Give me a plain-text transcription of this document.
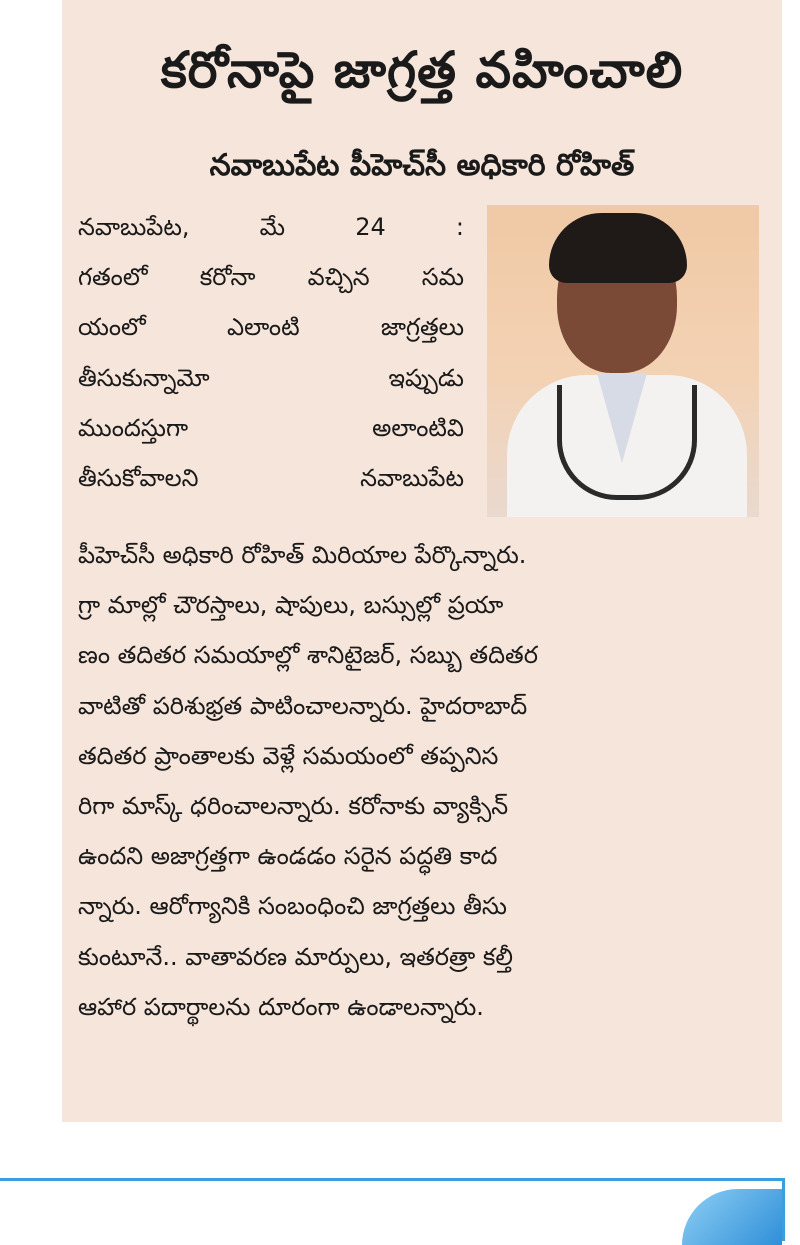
కరోనాపై జాగ్రత్త వహించాలి
నవాబుపేట పీహెచ్‌సీ అధికారి రోహిత్
నవాబుపేట, మే 24 :
గతంలో కరోనా వచ్చిన సమ
యంలో ఎలాంటి జాగ్రత్తలు
తీసుకున్నామో ఇప్పుడు
ముందస్తుగా అలాంటివి
తీసుకోవాలని నవాబుపేట
పీహెచ్‌సీ అధికారి రోహిత్ మిరియాల పేర్కొన్నారు.
గ్రా మాల్లో చౌరస్తాలు, షాపులు, బస్సుల్లో ప్రయా
ణం తదితర సమయాల్లో శానిటైజర్, సబ్బు తదితర
వాటితో పరిశుభ్రత పాటించాలన్నారు. హైదరాబాద్
తదితర ప్రాంతాలకు వెళ్లే సమయంలో తప్పనిస
రిగా మాస్క్ ధరించాలన్నారు. కరోనాకు వ్యాక్సిన్
ఉందని అజాగ్రత్తగా ఉండడం సరైన పద్ధతి కాద
న్నారు. ఆరోగ్యానికి సంబంధించి జాగ్రత్తలు తీసు
కుంటూనే.. వాతావరణ మార్పులు, ఇతరత్రా కల్తీ
ఆహార పదార్థాలను దూరంగా ఉండాలన్నారు.
